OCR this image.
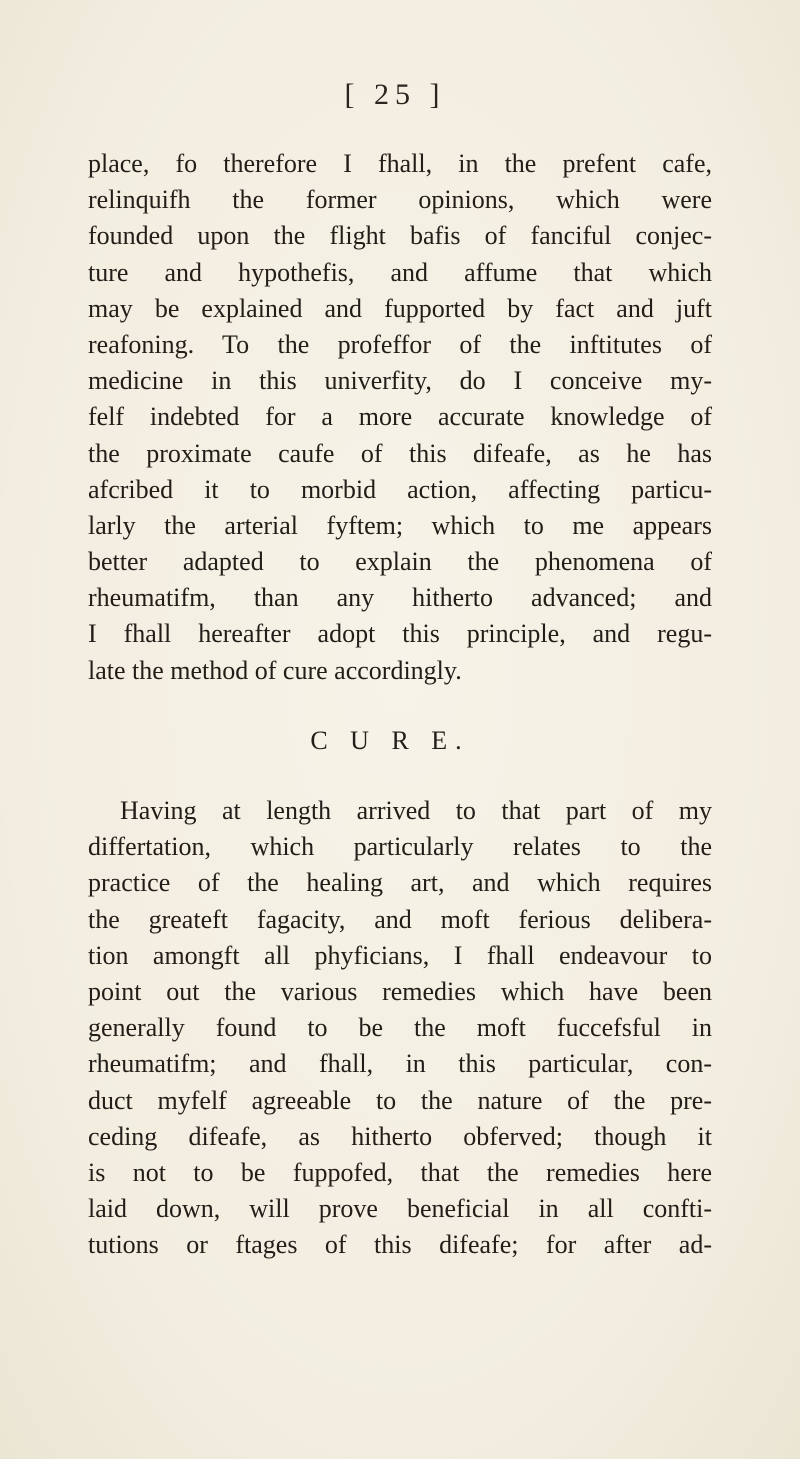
[ 25 ]
place, fo therefore I fhall, in the prefent cafe,
relinquifh the former opinions, which were
founded upon the flight bafis of fanciful conjec-
ture and hypothefis, and affume that which
may be explained and fupported by fact and juft
reafoning. To the profeffor of the inftitutes of
medicine in this univerfity, do I conceive my-
felf indebted for a more accurate knowledge of
the proximate caufe of this difeafe, as he has
afcribed it to morbid action, affecting particu-
larly the arterial fyftem; which to me appears
better adapted to explain the phenomena of
rheumatifm, than any hitherto advanced; and
I fhall hereafter adopt this principle, and regu-
late the method of cure accordingly.
C U R E.
Having at length arrived to that part of my
differtation, which particularly relates to the
practice of the healing art, and which requires
the greateft fagacity, and moft ferious delibera-
tion amongft all phyficians, I fhall endeavour to
point out the various remedies which have been
generally found to be the moft fuccefsful in
rheumatifm; and fhall, in this particular, con-
duct myfelf agreeable to the nature of the pre-
ceding difeafe, as hitherto obferved; though it
is not to be fuppofed, that the remedies here
laid down, will prove beneficial in all confti-
tutions or ftages of this difeafe; for after ad-
